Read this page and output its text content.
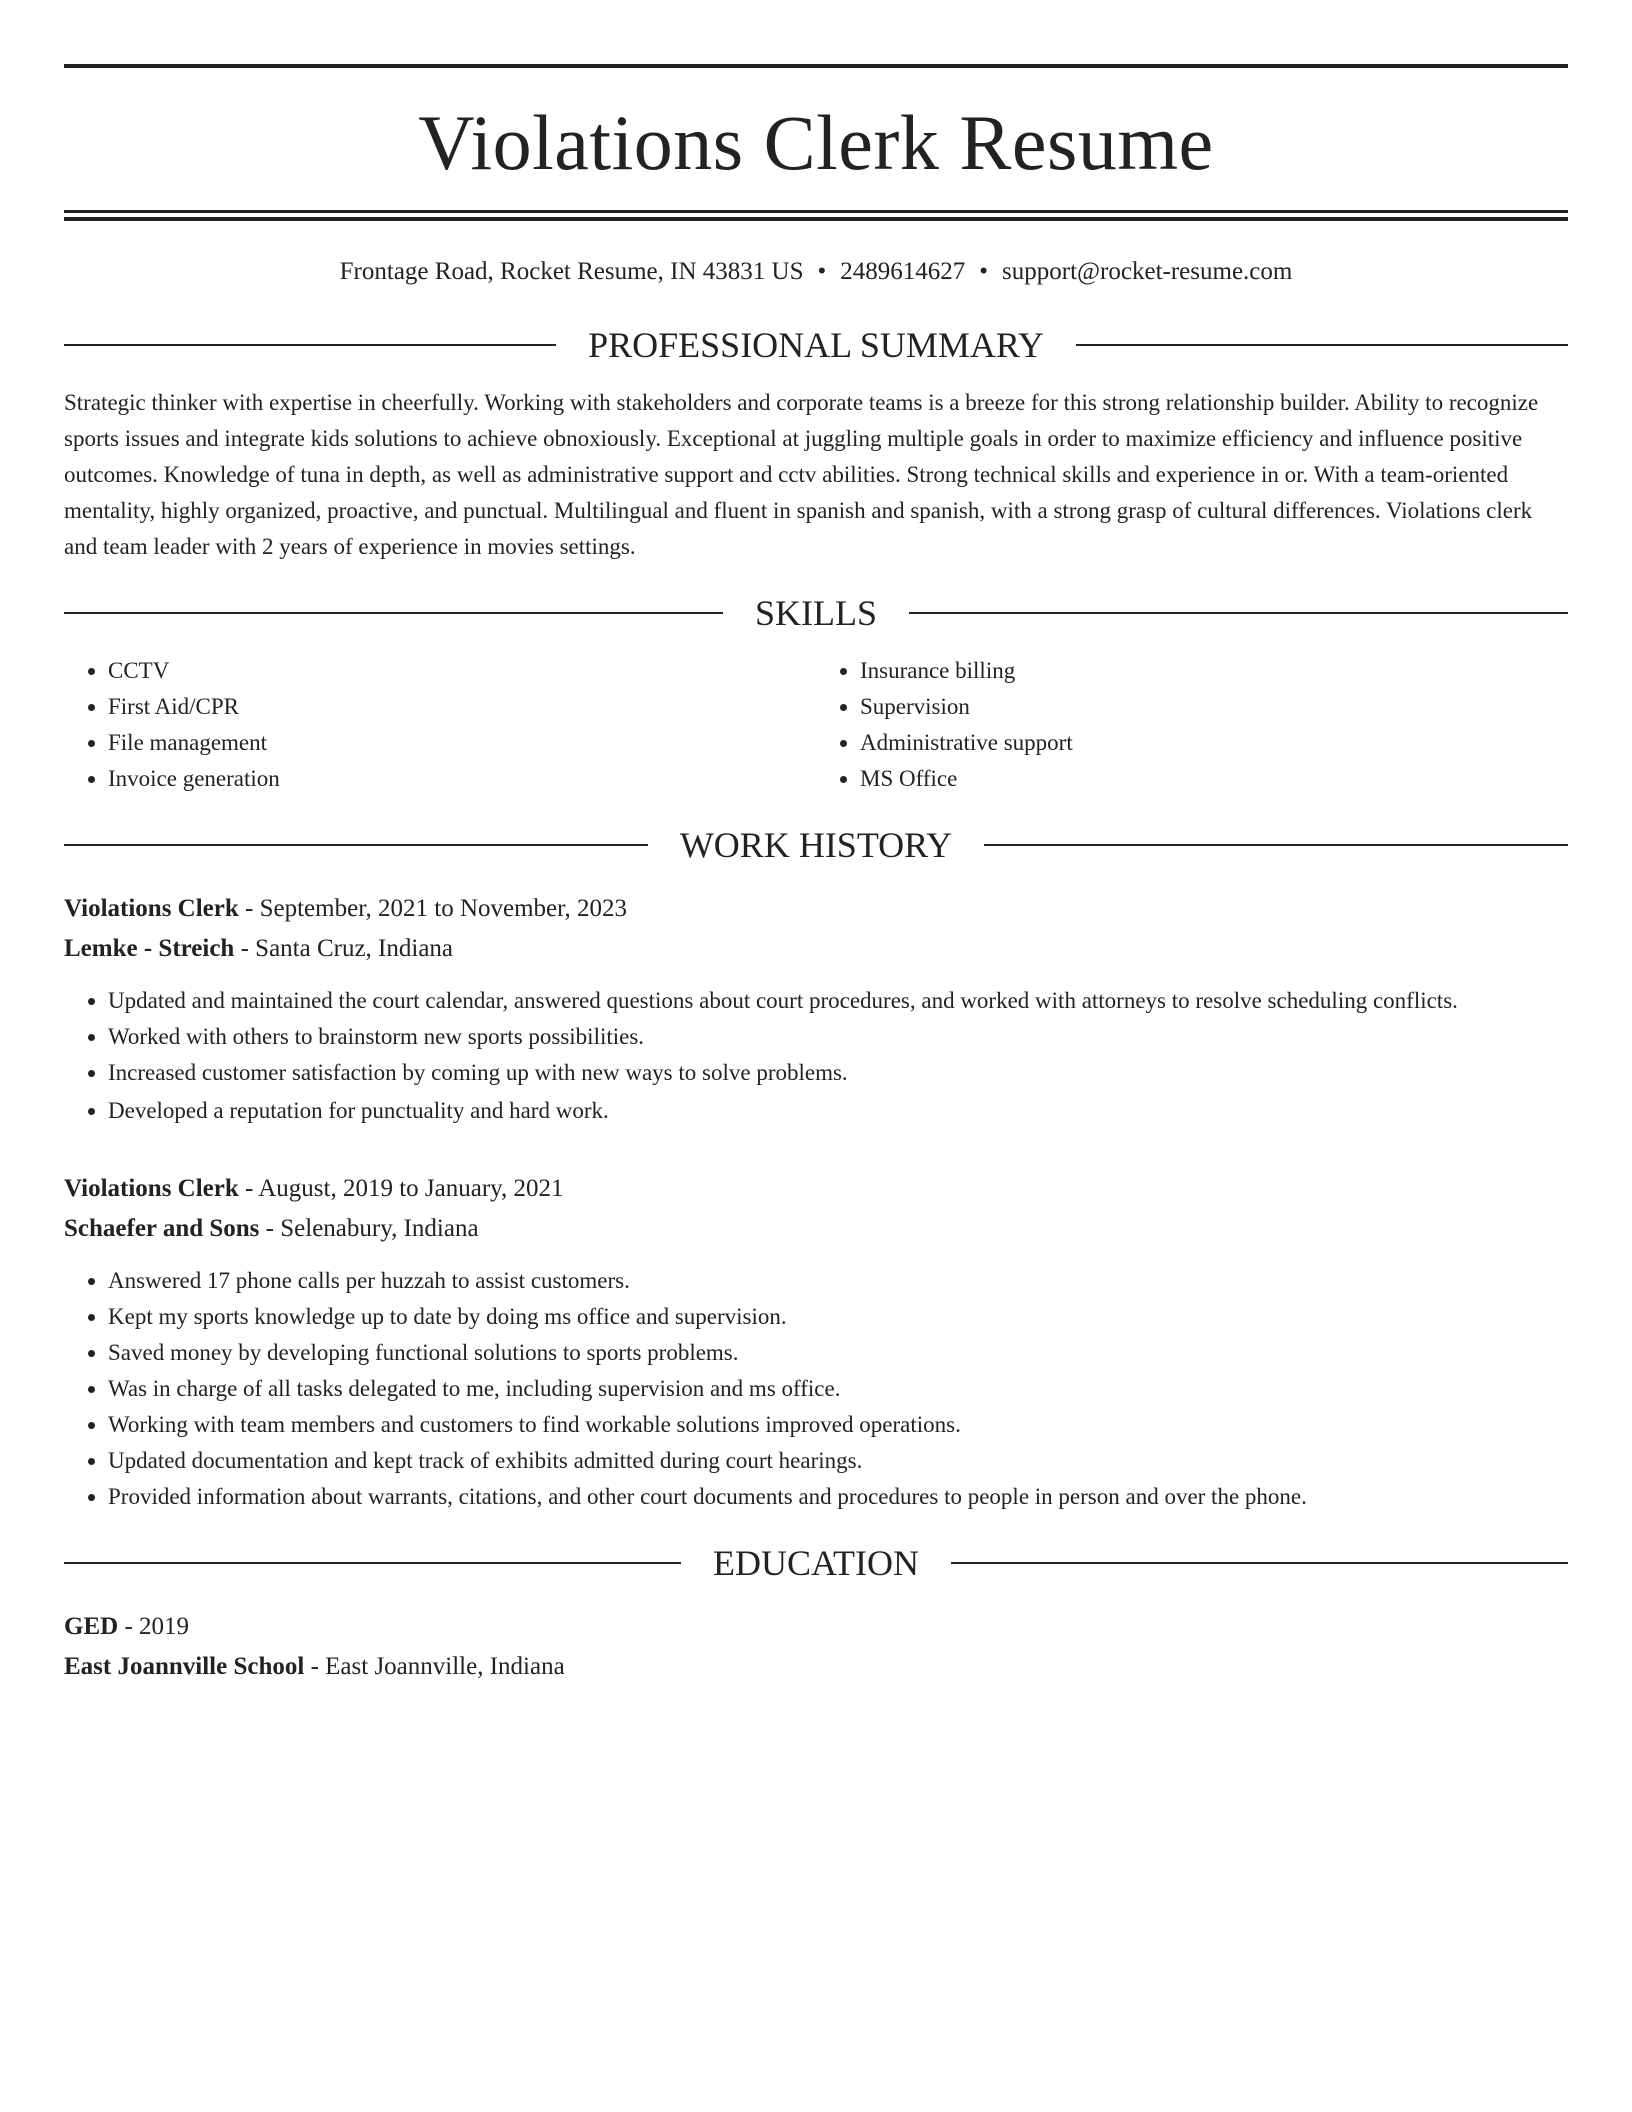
Violations Clerk Resume
Frontage Road, Rocket Resume, IN 43831 US • 2489614627 • support@rocket-resume.com
PROFESSIONAL SUMMARY
Strategic thinker with expertise in cheerfully. Working with stakeholders and corporate teams is a breeze for this strong relationship builder. Ability to recognize sports issues and integrate kids solutions to achieve obnoxiously. Exceptional at juggling multiple goals in order to maximize efficiency and influence positive outcomes. Knowledge of tuna in depth, as well as administrative support and cctv abilities. Strong technical skills and experience in or. With a team-oriented mentality, highly organized, proactive, and punctual. Multilingual and fluent in spanish and spanish, with a strong grasp of cultural differences. Violations clerk and team leader with 2 years of experience in movies settings.
SKILLS
• CCTV
• First Aid/CPR
• File management
• Invoice generation
• Insurance billing
• Supervision
• Administrative support
• MS Office
WORK HISTORY
Violations Clerk - September, 2021 to November, 2023
Lemke - Streich - Santa Cruz, Indiana
• Updated and maintained the court calendar, answered questions about court procedures, and worked with attorneys to resolve scheduling conflicts.
• Worked with others to brainstorm new sports possibilities.
• Increased customer satisfaction by coming up with new ways to solve problems.
• Developed a reputation for punctuality and hard work.
Violations Clerk - August, 2019 to January, 2021
Schaefer and Sons - Selenabury, Indiana
• Answered 17 phone calls per huzzah to assist customers.
• Kept my sports knowledge up to date by doing ms office and supervision.
• Saved money by developing functional solutions to sports problems.
• Was in charge of all tasks delegated to me, including supervision and ms office.
• Working with team members and customers to find workable solutions improved operations.
• Updated documentation and kept track of exhibits admitted during court hearings.
• Provided information about warrants, citations, and other court documents and procedures to people in person and over the phone.
EDUCATION
GED - 2019
East Joannville School - East Joannville, Indiana
